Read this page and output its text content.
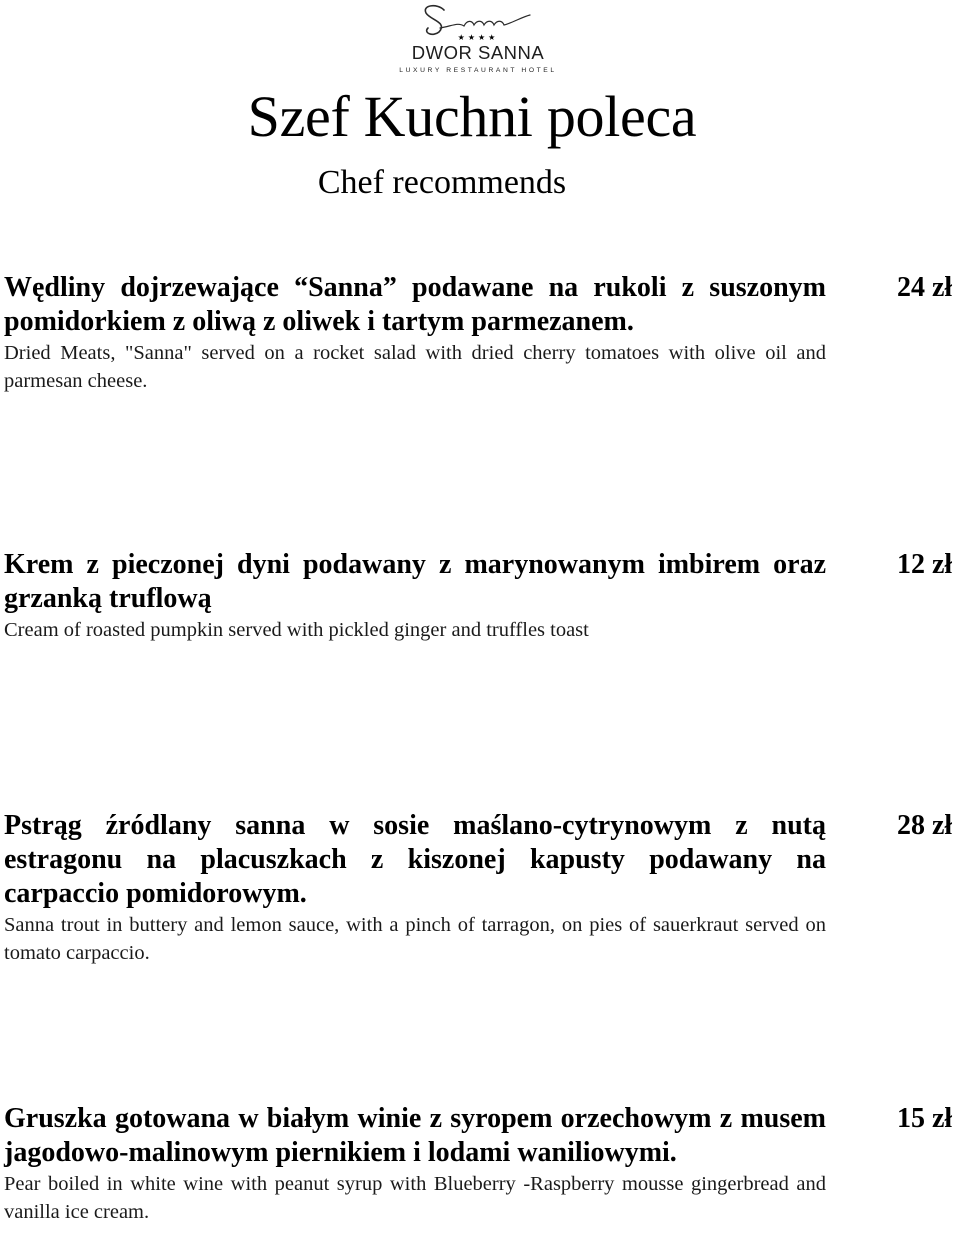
★★★★
DWOR SANNA
LUXURY RESTAURANT HOTEL
Szef Kuchni poleca
Chef recommends
Wędliny dojrzewające “Sanna” podawane na rukoli z suszonym pomidorkiem z oliwą z oliwek i tartym parmezanem.
Dried Meats, "Sanna" served on a rocket salad with dried cherry tomatoes with olive oil and parmesan cheese.
24 zł
Krem z pieczonej dyni podawany z marynowanym imbirem oraz grzanką truflową
Cream of roasted pumpkin served with pickled ginger and truffles toast
12 zł
Pstrąg źródlany sanna w sosie maślano-cytrynowym z nutą estragonu na placuszkach z kiszonej kapusty podawany na carpaccio pomidorowym.
Sanna trout in buttery and lemon sauce, with a pinch of tarragon, on pies of sauerkraut served on tomato carpaccio.
28 zł
Gruszka gotowana w białym winie z syropem orzechowym z musem jagodowo-malinowym piernikiem i lodami waniliowymi.
Pear boiled in white wine with peanut syrup with Blueberry -Raspberry mousse gingerbread and vanilla ice cream.
15 zł
